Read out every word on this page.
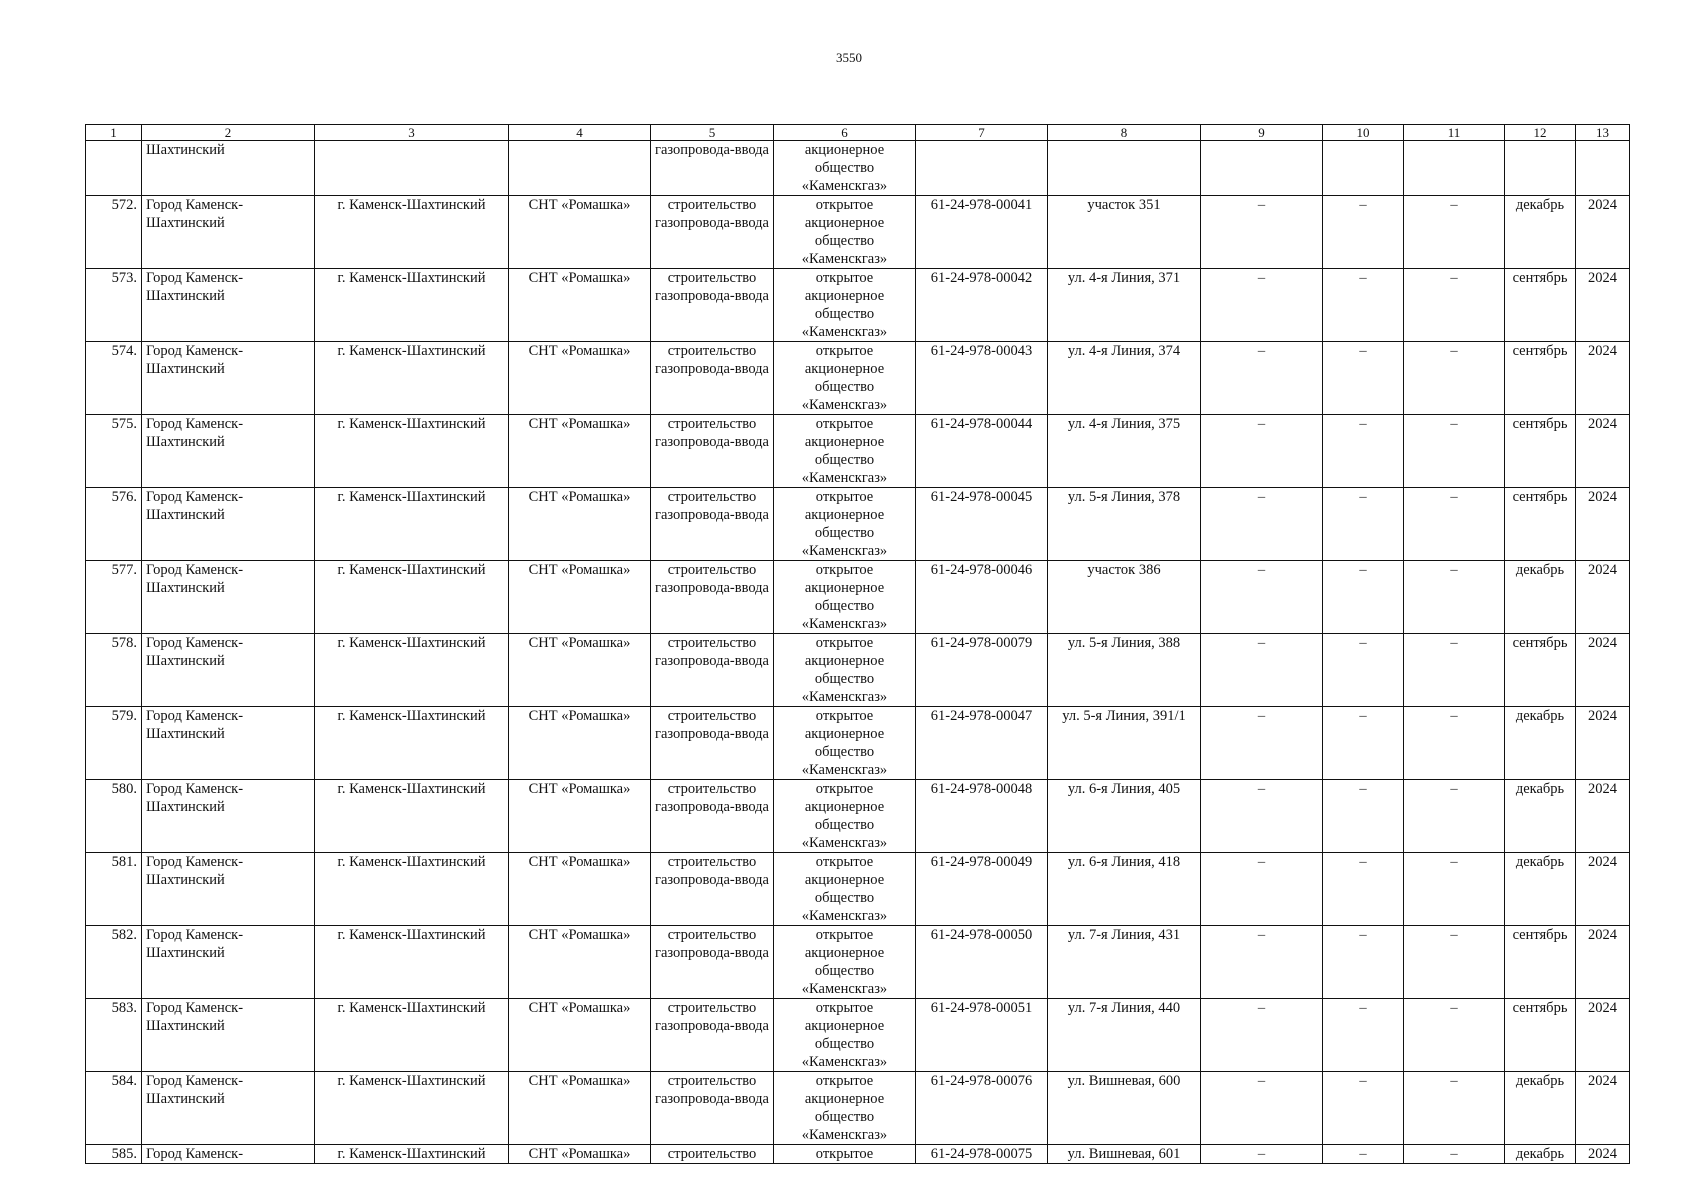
3550
1	2	3	4	5	6	7	8	9	10	11	12	13
	Шахтинский			газопровода-ввода	акционерное общество «Каменскгаз»							
572.	Город Каменск-Шахтинский	г. Каменск-Шахтинский	СНТ «Ромашка»	строительство газопровода-ввода	открытое акционерное общество «Каменскгаз»	61-24-978-00041	участок 351	–	–	–	декабрь	2024
573.	Город Каменск-Шахтинский	г. Каменск-Шахтинский	СНТ «Ромашка»	строительство газопровода-ввода	открытое акционерное общество «Каменскгаз»	61-24-978-00042	ул. 4-я Линия, 371	–	–	–	сентябрь	2024
574.	Город Каменск-Шахтинский	г. Каменск-Шахтинский	СНТ «Ромашка»	строительство газопровода-ввода	открытое акционерное общество «Каменскгаз»	61-24-978-00043	ул. 4-я Линия, 374	–	–	–	сентябрь	2024
575.	Город Каменск-Шахтинский	г. Каменск-Шахтинский	СНТ «Ромашка»	строительство газопровода-ввода	открытое акционерное общество «Каменскгаз»	61-24-978-00044	ул. 4-я Линия, 375	–	–	–	сентябрь	2024
576.	Город Каменск-Шахтинский	г. Каменск-Шахтинский	СНТ «Ромашка»	строительство газопровода-ввода	открытое акционерное общество «Каменскгаз»	61-24-978-00045	ул. 5-я Линия, 378	–	–	–	сентябрь	2024
577.	Город Каменск-Шахтинский	г. Каменск-Шахтинский	СНТ «Ромашка»	строительство газопровода-ввода	открытое акционерное общество «Каменскгаз»	61-24-978-00046	участок 386	–	–	–	декабрь	2024
578.	Город Каменск-Шахтинский	г. Каменск-Шахтинский	СНТ «Ромашка»	строительство газопровода-ввода	открытое акционерное общество «Каменскгаз»	61-24-978-00079	ул. 5-я Линия, 388	–	–	–	сентябрь	2024
579.	Город Каменск-Шахтинский	г. Каменск-Шахтинский	СНТ «Ромашка»	строительство газопровода-ввода	открытое акционерное общество «Каменскгаз»	61-24-978-00047	ул. 5-я Линия, 391/1	–	–	–	декабрь	2024
580.	Город Каменск-Шахтинский	г. Каменск-Шахтинский	СНТ «Ромашка»	строительство газопровода-ввода	открытое акционерное общество «Каменскгаз»	61-24-978-00048	ул. 6-я Линия, 405	–	–	–	декабрь	2024
581.	Город Каменск-Шахтинский	г. Каменск-Шахтинский	СНТ «Ромашка»	строительство газопровода-ввода	открытое акционерное общество «Каменскгаз»	61-24-978-00049	ул. 6-я Линия, 418	–	–	–	декабрь	2024
582.	Город Каменск-Шахтинский	г. Каменск-Шахтинский	СНТ «Ромашка»	строительство газопровода-ввода	открытое акционерное общество «Каменскгаз»	61-24-978-00050	ул. 7-я Линия, 431	–	–	–	сентябрь	2024
583.	Город Каменск-Шахтинский	г. Каменск-Шахтинский	СНТ «Ромашка»	строительство газопровода-ввода	открытое акционерное общество «Каменскгаз»	61-24-978-00051	ул. 7-я Линия, 440	–	–	–	сентябрь	2024
584.	Город Каменск-Шахтинский	г. Каменск-Шахтинский	СНТ «Ромашка»	строительство газопровода-ввода	открытое акционерное общество «Каменскгаз»	61-24-978-00076	ул. Вишневая, 600	–	–	–	декабрь	2024
585.	Город Каменск-	г. Каменск-Шахтинский	СНТ «Ромашка»	строительство	открытое	61-24-978-00075	ул. Вишневая, 601	–	–	–	декабрь	2024
